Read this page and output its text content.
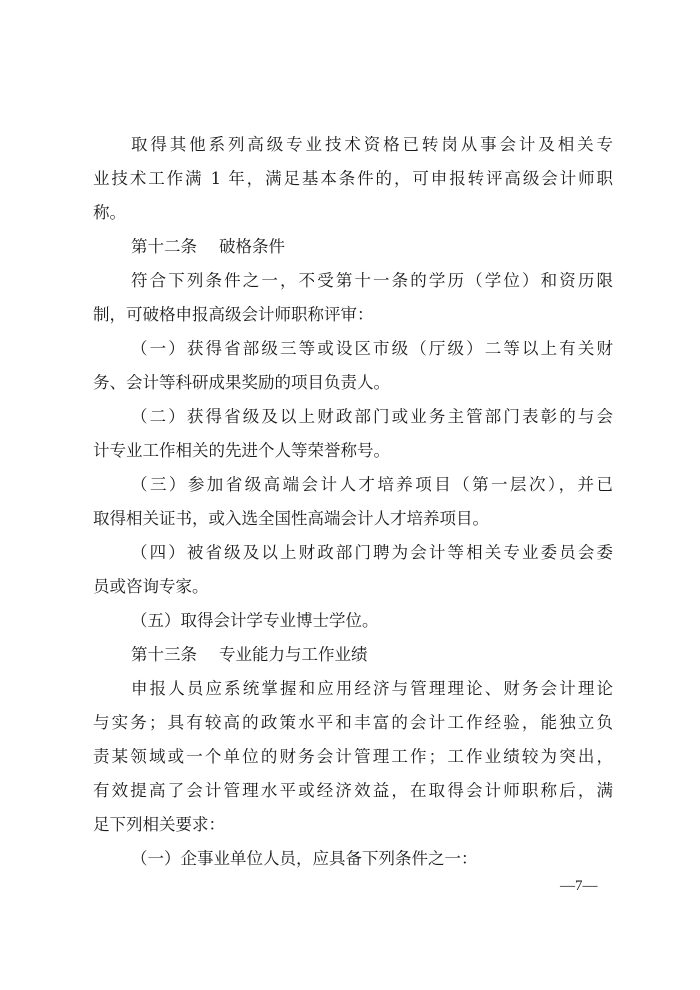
取得其他系列高级专业技术资格已转岗从事会计及相关专
业技术工作满 1 年，满足基本条件的，可申报转评高级会计师职
称。
第十二条 破格条件
符合下列条件之一，不受第十一条的学历（学位）和资历限
制，可破格申报高级会计师职称评审：
（一）获得省部级三等或设区市级（厅级）二等以上有关财
务、会计等科研成果奖励的项目负责人。
（二）获得省级及以上财政部门或业务主管部门表彰的与会
计专业工作相关的先进个人等荣誉称号。
（三）参加省级高端会计人才培养项目（第一层次），并已
取得相关证书，或入选全国性高端会计人才培养项目。
（四）被省级及以上财政部门聘为会计等相关专业委员会委
员或咨询专家。
（五）取得会计学专业博士学位。
第十三条 专业能力与工作业绩
申报人员应系统掌握和应用经济与管理理论、财务会计理论
与实务；具有较高的政策水平和丰富的会计工作经验，能独立负
责某领域或一个单位的财务会计管理工作；工作业绩较为突出，
有效提高了会计管理水平或经济效益，在取得会计师职称后，满
足下列相关要求：
（一）企事业单位人员，应具备下列条件之一：
—7—
